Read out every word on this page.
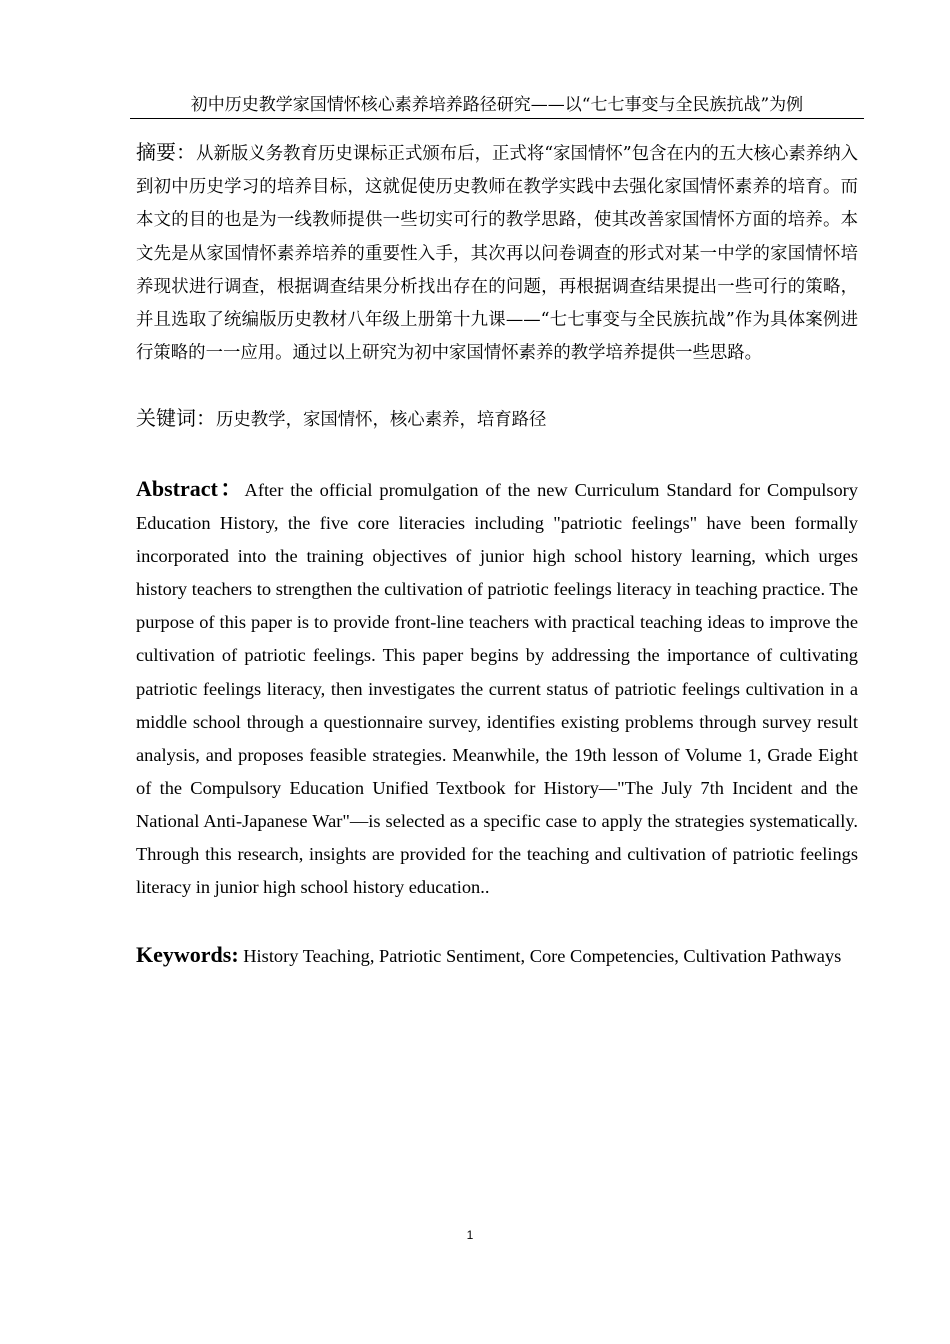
初中历史教学家国情怀核心素养培养路径研究——以“七七事变与全民族抗战”为例
摘要：从新版义务教育历史课标正式颁布后，正式将“家国情怀”包含在内的五大核心素养纳入到初中历史学习的培养目标，这就促使历史教师在教学实践中去强化家国情怀素养的培育。而本文的目的也是为一线教师提供一些切实可行的教学思路，使其改善家国情怀方面的培养。本文先是从家国情怀素养培养的重要性入手，其次再以问卷调查的形式对某一中学的家国情怀培养现状进行调查，根据调查结果分析找出存在的问题，再根据调查结果提出一些可行的策略，并且选取了统编版历史教材八年级上册第十九课——“七七事变与全民族抗战”作为具体案例进行策略的一一应用。通过以上研究为初中家国情怀素养的教学培养提供一些思路。
关键词：历史教学，家国情怀，核心素养，培育路径
Abstract：After the official promulgation of the new Curriculum Standard for Compulsory Education History, the five core literacies including "patriotic feelings" have been formally incorporated into the training objectives of junior high school history learning, which urges history teachers to strengthen the cultivation of patriotic feelings literacy in teaching practice. The purpose of this paper is to provide front-line teachers with practical teaching ideas to improve the cultivation of patriotic feelings. This paper begins by addressing the importance of cultivating patriotic feelings literacy, then investigates the current status of patriotic feelings cultivation in a middle school through a questionnaire survey, identifies existing problems through survey result analysis, and proposes feasible strategies. Meanwhile, the 19th lesson of Volume 1, Grade Eight of the Compulsory Education Unified Textbook for History—"The July 7th Incident and the National Anti-Japanese War"—is selected as a specific case to apply the strategies systematically. Through this research, insights are provided for the teaching and cultivation of patriotic feelings literacy in junior high school history education..
Keywords: History Teaching, Patriotic Sentiment, Core Competencies, Cultivation Pathways
1
